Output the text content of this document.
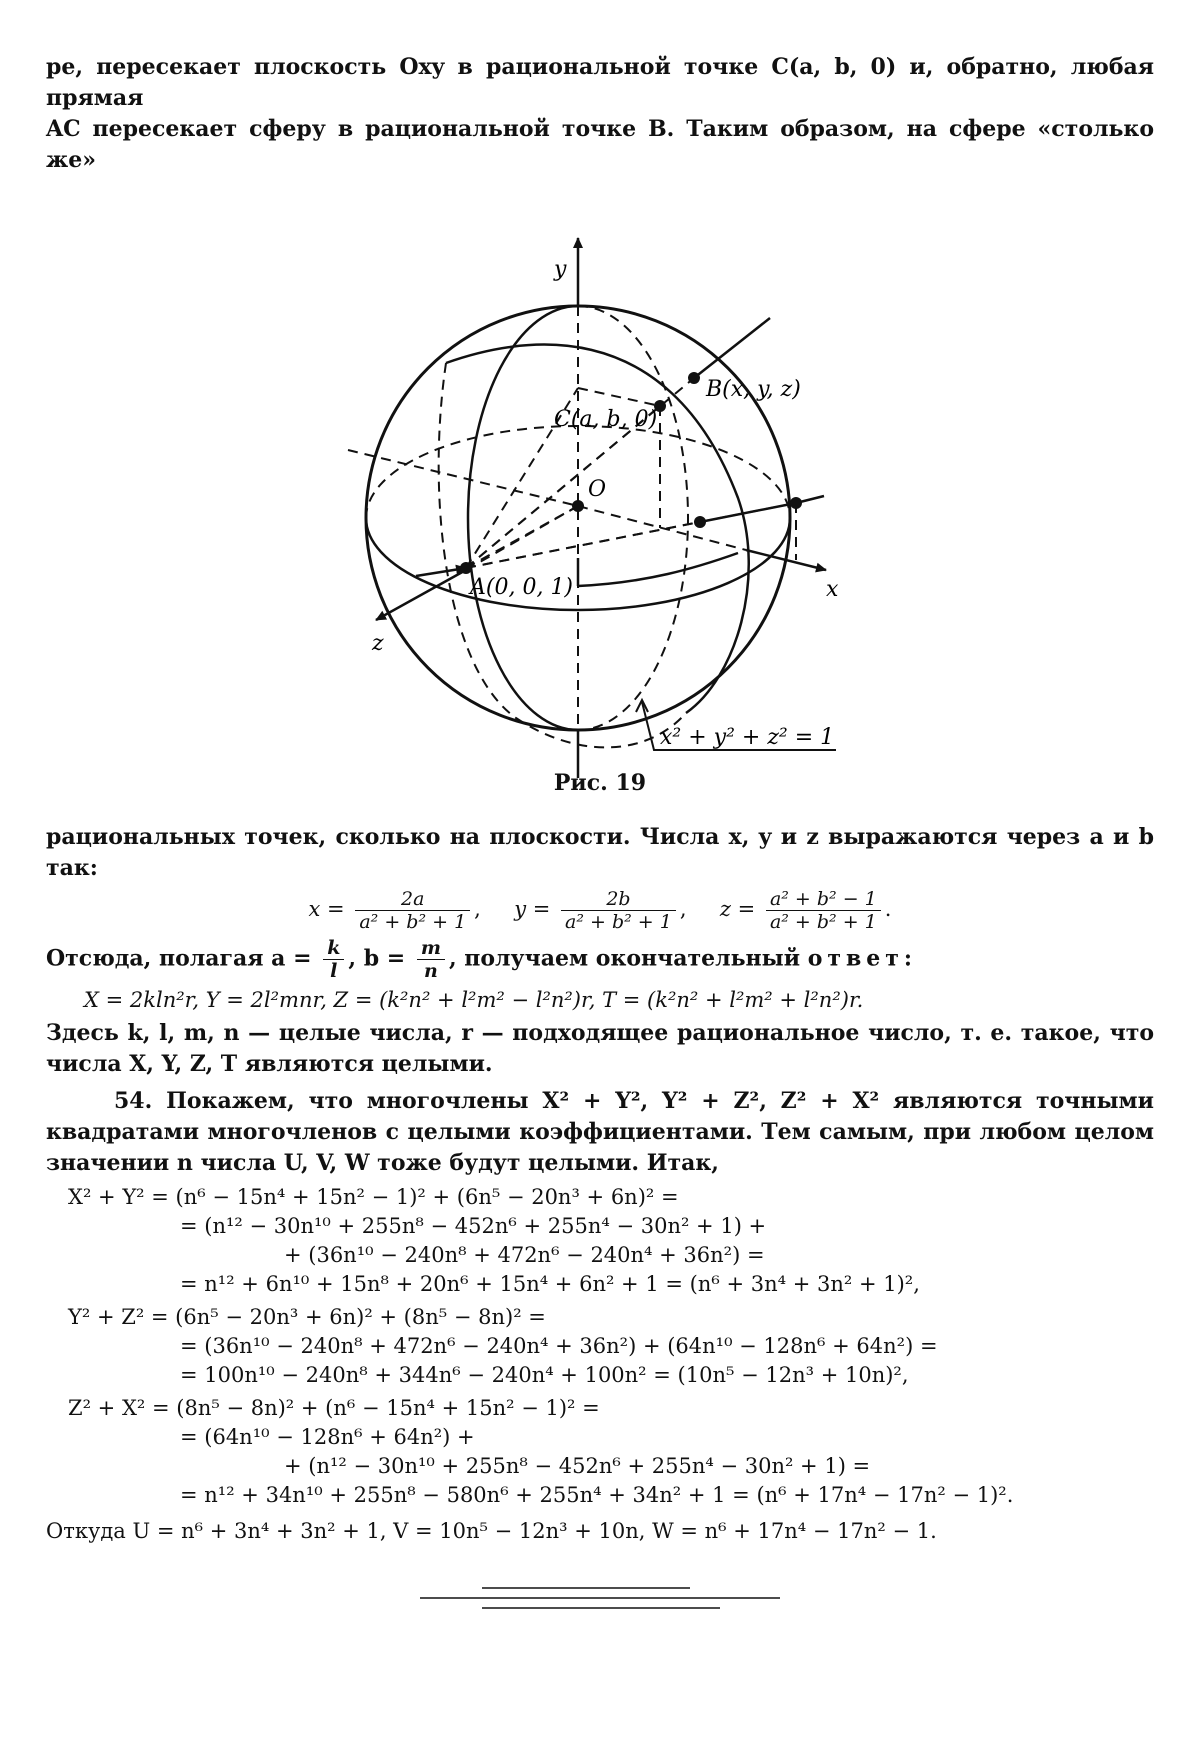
ре, пересекает плоскость Oxy в рациональной точке C(a, b, 0) и, обратно, любая прямая

AC пересекает сферу в рациональной точке B. Таким образом, на сфере «столько же»

y
x
z
B(x, y, z)
C(a, b, 0)
O
A(0, 0, 1)
x² + y² + z² = 1
Рис. 19

рациональных точек, сколько на плоскости. Числа x, y и z выражаются через a и b так:

$x = \frac{2a}{\text{a² + b² + 1}}$ ,     $y = \frac{2b}{\text{a² + b² + 1}}$ ,     $z = \frac{\text{a² + b² − 1}}{\text{a² + b² + 1}}$ .

Отсюда, полагая $a = \frac{k}{l}$ , $b = \frac{m}{n}$ , получаем окончательный ответ:

X = 2kln²r, Y = 2l²mnr, Z = (k²n² + l²m² − l²n²)r, T = (k²n² + l²m² + l²n²)r.

Здесь k, l, m, n — целые числа, r — подходящее рациональное число, т. е. такое, что числа X, Y, Z, T являются целыми.

54. Покажем, что многочлены X² + Y², Y² + Z², Z² + X² являются точными квадратами многочленов с целыми коэффициентами. Тем самым, при любом целом значении n числа U, V, W тоже будут целыми. Итак,

X² + Y² = (n⁶ − 15n⁴ + 15n² − 1)² + (6n⁵ − 20n³ + 6n)² =
= (n¹² − 30n¹⁰ + 255n⁸ − 452n⁶ + 255n⁴ − 30n² + 1) +
+ (36n¹⁰ − 240n⁸ + 472n⁶ − 240n⁴ + 36n²) =
= n¹² + 6n¹⁰ + 15n⁸ + 20n⁶ + 15n⁴ + 6n² + 1 = (n⁶ + 3n⁴ + 3n² + 1)²,
Y² + Z² = (6n⁵ − 20n³ + 6n)² + (8n⁵ − 8n)² =
= (36n¹⁰ − 240n⁸ + 472n⁶ − 240n⁴ + 36n²) + (64n¹⁰ − 128n⁶ + 64n²) =
= 100n¹⁰ − 240n⁸ + 344n⁶ − 240n⁴ + 100n² = (10n⁵ − 12n³ + 10n)²,
Z² + X² = (8n⁵ − 8n)² + (n⁶ − 15n⁴ + 15n² − 1)² =
= (64n¹⁰ − 128n⁶ + 64n²) +
+ (n¹² − 30n¹⁰ + 255n⁸ − 452n⁶ + 255n⁴ − 30n² + 1) =
= n¹² + 34n¹⁰ + 255n⁸ − 580n⁶ + 255n⁴ + 34n² + 1 = (n⁶ + 17n⁴ − 17n² − 1)².

Откуда U = n⁶ + 3n⁴ + 3n² + 1, V = 10n⁵ − 12n³ + 10n, W = n⁶ + 17n⁴ − 17n² − 1.
